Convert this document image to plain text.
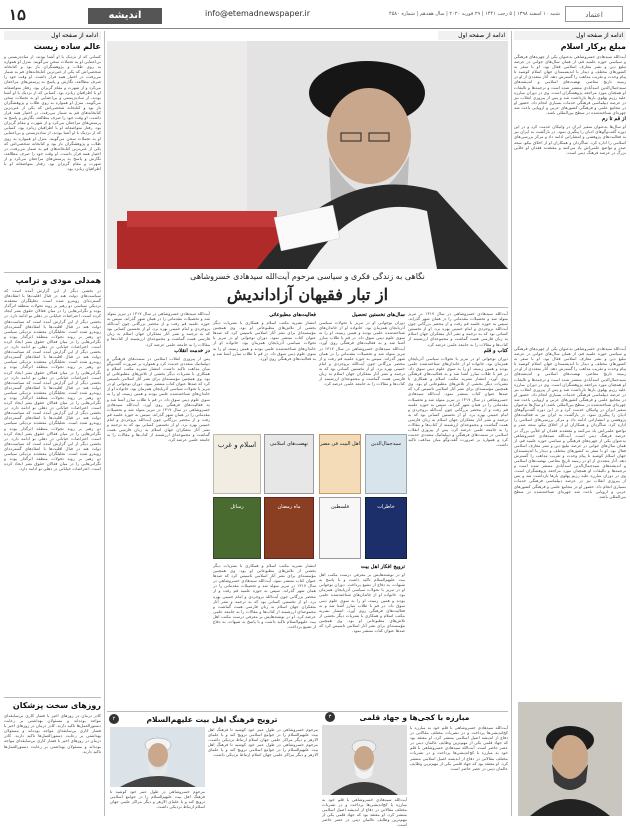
۱۵	اندیشه	info@etemadnewspaper.ir	شنبه ۱۰ اسفند ۱۳۹۸ | ۵ رجب ۱۴۴۱ | ۲۹ فوریه ۲۰۲۰ | سال هفدهم | شماره ۴۵۸۰	اعتماد
ادامه از صفحه اول
مبلغ پرکار اسلام
آیت‌الله سیدهادی خسروشاهی به‌عنوان یکی از چهره‌های فرهنگی و سیاسی حوزه علمیه قم، از همان سال‌های جوانی در عرصه تبلیغ دین و نشر معارف اسلامی فعال بود. او با سفر به کشورهای مختلف و دیدار با اندیشمندان جهان اسلام کوشید تا پیام وحدت و تقریب مذاهب را گسترش دهد. آثار متعددی از او در زمینه تاریخ معاصر، نهضت‌های اسلامی و اندیشه‌های سیدجمال‌الدین اسدآبادی منتشر شده است و ترجمه‌ها و تالیفات او همچنان مورد مراجعه پژوهشگران است. وی در دوران مبارزه علیه رژیم پهلوی بارها بازداشت شد و پس از پیروزی انقلاب نیز در عرصه دیپلماسی فرهنگی خدمات بسیاری انجام داد. حضور او در مجامع علمی و فرهنگی کشورهای عربی و اروپایی باعث شد چهره‌ای شناخته‌شده در سطح بین‌المللی باشد.
از قم تا رم
او سال‌ها به‌عنوان سفیر ایران در واتیکان خدمت کرد و در این دوره گفت‌وگوهای ادیان را پیگیری نمود. در بازگشت به ایران نیز به فعالیت‌های پژوهشی و انتشاراتی ادامه داد و مرکز بررسی‌های اسلامی را اداره کرد. شاگردان و همکاران او از اخلاق نیکو، سعه صدر و تواضع علمی‌اش یاد می‌کنند و معتقدند فقدان او خلأیی بزرگ در عرصه فرهنگ دینی است.
آیت‌الله سیدهادی خسروشاهی به‌عنوان یکی از چهره‌های فرهنگی و سیاسی حوزه علمیه قم، از همان سال‌های جوانی در عرصه تبلیغ دین و نشر معارف اسلامی فعال بود. او با سفر به کشورهای مختلف و دیدار با اندیشمندان جهان اسلام کوشید تا پیام وحدت و تقریب مذاهب را گسترش دهد. آثار متعددی از او در زمینه تاریخ معاصر، نهضت‌های اسلامی و اندیشه‌های سیدجمال‌الدین اسدآبادی منتشر شده است و ترجمه‌ها و تالیفات او همچنان مورد مراجعه پژوهشگران است. وی در دوران مبارزه علیه رژیم پهلوی بارها بازداشت شد و پس از پیروزی انقلاب نیز در عرصه دیپلماسی فرهنگی خدمات بسیاری انجام داد. حضور او در مجامع علمی و فرهنگی کشورهای عربی و اروپایی باعث شد چهره‌ای شناخته‌شده در سطح بین‌المللی باشد. او سال‌ها به‌عنوان سفیر ایران در واتیکان خدمت کرد و در این دوره گفت‌وگوهای ادیان را پیگیری نمود. در بازگشت به ایران نیز به فعالیت‌های پژوهشی و انتشاراتی ادامه داد و مرکز بررسی‌های اسلامی را اداره کرد. شاگردان و همکاران او از اخلاق نیکو، سعه صدر و تواضع علمی‌اش یاد می‌کنند و معتقدند فقدان او خلأیی بزرگ در عرصه فرهنگ دینی است. آیت‌الله سیدهادی خسروشاهی به‌عنوان یکی از چهره‌های فرهنگی و سیاسی حوزه علمیه قم، از همان سال‌های جوانی در عرصه تبلیغ دین و نشر معارف اسلامی فعال بود. او با سفر به کشورهای مختلف و دیدار با اندیشمندان جهان اسلام کوشید تا پیام وحدت و تقریب مذاهب را گسترش دهد. آثار متعددی از او در زمینه تاریخ معاصر، نهضت‌های اسلامی و اندیشه‌های سیدجمال‌الدین اسدآبادی منتشر شده است و ترجمه‌ها و تالیفات او همچنان مورد مراجعه پژوهشگران است. وی در دوران مبارزه علیه رژیم پهلوی بارها بازداشت شد و پس از پیروزی انقلاب نیز در عرصه دیپلماسی فرهنگی خدمات بسیاری انجام داد. حضور او در مجامع علمی و فرهنگی کشورهای عربی و اروپایی باعث شد چهره‌ای شناخته‌شده در سطح بین‌المللی باشد.
مبارزه با کجی‌ها و جهاد قلمی
۳
آیت‌الله سیدهادی خسروشاهی با قلم خود به مبارزه با کج‌اندیشی‌ها پرداخت و در نشریات مختلف مقالاتی در دفاع از اندیشه اصیل اسلامی منتشر کرد. او معتقد بود که جهاد قلمی یکی از مهم‌ترین وظایف عالمان دینی در عصر حاضر است. آیت‌الله سیدهادی خسروشاهی با قلم خود به مبارزه با کج‌اندیشی‌ها پرداخت و در نشریات مختلف مقالاتی در دفاع از اندیشه اصیل اسلامی منتشر کرد. او معتقد بود که جهاد قلمی یکی از مهم‌ترین وظایف عالمان دینی در عصر حاضر است.
آیت‌الله سیدهادی خسروشاهی با قلم خود به مبارزه با کج‌اندیشی‌ها پرداخت و در نشریات مختلف مقالاتی در دفاع از اندیشه اصیل اسلامی منتشر کرد. او معتقد بود که جهاد قلمی یکی از مهم‌ترین وظایف عالمان دینی در عصر حاضر است.
ادامه از صفحه اول
نگاهی به زندگی فکری و سیاسی مرحوم آیت‌الله سیدهادی خسروشاهی
از تبار فقیهان آزاداندیش
آیت‌الله سیدهادی خسروشاهی در سال ۱۳۱۷ در تبریز متولد شد و تحصیلات مقدماتی را در همان شهر گذراند. سپس به حوزه علمیه قم رفت و از محضر بزرگانی چون آیت‌الله بروجردی و امام خمینی بهره برد. او از نخستین کسانی بود که به ترجمه و نشر آثار متفکران جهان اسلام به زبان فارسی همت گماشت و مجموعه‌ای ارزشمند از کتاب‌ها و مقالات را به جامعه علمی عرضه کرد.
کتاب و قلم
دوران نوجوانی او در تبریز با تحولات سیاسی آذربایجان همزمان بود. خانواده او از خاندان‌های شناخته‌شده علمی بودند و همین زمینه، او را به سوی علوم دینی سوق داد. در قم با طلاب مبارز آشنا شد و به فعالیت‌های فرهنگی روی آورد. انتشار نشریه مکتب اسلام و همکاری با نشریات دیگر بخشی از تلاش‌های مطبوعاتی او بود. وی همچنین مؤسسه‌ای برای نشر آثار اسلامی تاسیس کرد که صدها عنوان کتاب منتشر نمود. آیت‌الله سیدهادی خسروشاهی در سال ۱۳۱۷ در تبریز متولد شد و تحصیلات مقدماتی را در همان شهر گذراند. سپس به حوزه علمیه قم رفت و از محضر بزرگانی چون آیت‌الله بروجردی و امام خمینی بهره برد. او از نخستین کسانی بود که به ترجمه و نشر آثار متفکران جهان اسلام به زبان فارسی همت گماشت و مجموعه‌ای ارزشمند از کتاب‌ها و مقالات را به جامعه علمی عرضه کرد. پس از پیروزی انقلاب اسلامی در سمت‌های فرهنگی و دیپلماتیک متعددی خدمت کرد و همواره بر ضرورت گفت‌وگو میان مذاهب تاکید داشت.
سال‌های نخستین تحصیل
دوران نوجوانی او در تبریز با تحولات سیاسی آذربایجان همزمان بود. خانواده او از خاندان‌های شناخته‌شده علمی بودند و همین زمینه، او را به سوی علوم دینی سوق داد. در قم با طلاب مبارز آشنا شد و به فعالیت‌های فرهنگی روی آورد. آیت‌الله سیدهادی خسروشاهی در سال ۱۳۱۷ در تبریز متولد شد و تحصیلات مقدماتی را در همان شهر گذراند. سپس به حوزه علمیه قم رفت و از محضر بزرگانی چون آیت‌الله بروجردی و امام خمینی بهره برد. او از نخستین کسانی بود که به ترجمه و نشر آثار متفکران جهان اسلام به زبان فارسی همت گماشت و مجموعه‌ای ارزشمند از کتاب‌ها و مقالات را به جامعه علمی عرضه کرد.
فعالیت‌های مطبوعاتی
انتشار نشریه مکتب اسلام و همکاری با نشریات دیگر بخشی از تلاش‌های مطبوعاتی او بود. وی همچنین مؤسسه‌ای برای نشر آثار اسلامی تاسیس کرد که صدها عنوان کتاب منتشر نمود. دوران نوجوانی او در تبریز با تحولات سیاسی آذربایجان همزمان بود. خانواده او از خاندان‌های شناخته‌شده علمی بودند و همین زمینه، او را به سوی علوم دینی سوق داد. در قم با طلاب مبارز آشنا شد و به فعالیت‌های فرهنگی روی آورد.
آیت‌الله سیدهادی خسروشاهی در سال ۱۳۱۷ در تبریز متولد شد و تحصیلات مقدماتی را در همان شهر گذراند. سپس به حوزه علمیه قم رفت و از محضر بزرگانی چون آیت‌الله بروجردی و امام خمینی بهره برد. او از نخستین کسانی بود که به ترجمه و نشر آثار متفکران جهان اسلام به زبان فارسی همت گماشت و مجموعه‌ای ارزشمند از کتاب‌ها و مقالات را به جامعه علمی عرضه کرد.
در خدمت انقلاب
پس از پیروزی انقلاب اسلامی در سمت‌های فرهنگی و دیپلماتیک متعددی خدمت کرد و همواره بر ضرورت گفت‌وگو میان مذاهب تاکید داشت. انتشار نشریه مکتب اسلام و همکاری با نشریات دیگر بخشی از تلاش‌های مطبوعاتی او بود. وی همچنین مؤسسه‌ای برای نشر آثار اسلامی تاسیس کرد که صدها عنوان کتاب منتشر نمود. دوران نوجوانی او در تبریز با تحولات سیاسی آذربایجان همزمان بود. خانواده او از خاندان‌های شناخته‌شده علمی بودند و همین زمینه، او را به سوی علوم دینی سوق داد. در قم با طلاب مبارز آشنا شد و به فعالیت‌های فرهنگی روی آورد. آیت‌الله سیدهادی خسروشاهی در سال ۱۳۱۷ در تبریز متولد شد و تحصیلات مقدماتی را در همان شهر گذراند. سپس به حوزه علمیه قم رفت و از محضر بزرگانی چون آیت‌الله بروجردی و امام خمینی بهره برد. او از نخستین کسانی بود که به ترجمه و نشر آثار متفکران جهان اسلام به زبان فارسی همت گماشت و مجموعه‌ای ارزشمند از کتاب‌ها و مقالات را به جامعه علمی عرضه کرد.
سیدجمال‌الدین
اهل البیت فی مصر
نهضت‌های اسلامی
اسلام و غرب
خاطرات
فلسطین
ماه رمضان
رسائل
ترویج افکار اهل بیت
او در نوشته‌هایش بر معرفی درست مکتب اهل بیت علیهم‌السلام تاکید داشت و با پاسخ به شبهات، به دفاع از تشیع پرداخت. دوران نوجوانی او در تبریز با تحولات سیاسی آذربایجان همزمان بود. خانواده او از خاندان‌های شناخته‌شده علمی بودند و همین زمینه، او را به سوی علوم دینی سوق داد. در قم با طلاب مبارز آشنا شد و به فعالیت‌های فرهنگی روی آورد. انتشار نشریه مکتب اسلام و همکاری با نشریات دیگر بخشی از تلاش‌های مطبوعاتی او بود. وی همچنین مؤسسه‌ای برای نشر آثار اسلامی تاسیس کرد که صدها عنوان کتاب منتشر نمود.
انتشار نشریه مکتب اسلام و همکاری با نشریات دیگر بخشی از تلاش‌های مطبوعاتی او بود. وی همچنین مؤسسه‌ای برای نشر آثار اسلامی تاسیس کرد که صدها عنوان کتاب منتشر نمود. آیت‌الله سیدهادی خسروشاهی در سال ۱۳۱۷ در تبریز متولد شد و تحصیلات مقدماتی را در همان شهر گذراند. سپس به حوزه علمیه قم رفت و از محضر بزرگانی چون آیت‌الله بروجردی و امام خمینی بهره برد. او از نخستین کسانی بود که به ترجمه و نشر آثار متفکران جهان اسلام به زبان فارسی همت گماشت و مجموعه‌ای ارزشمند از کتاب‌ها و مقالات را به جامعه علمی عرضه کرد. او در نوشته‌هایش بر معرفی درست مکتب اهل بیت علیهم‌السلام تاکید داشت و با پاسخ به شبهات، به دفاع از تشیع پرداخت.
ترویج فرهنگ اهل بیت علیهم‌السلام
۲
مرحوم خسروشاهی در طول عمر خود کوشید تا فرهنگ اهل بیت علیهم‌السلام را در جوامع اسلامی ترویج کند و با علمای الازهر و دیگر مراکز علمی جهان اسلام ارتباط نزدیکی داشت. مرحوم خسروشاهی در طول عمر خود کوشید تا فرهنگ اهل بیت علیهم‌السلام را در جوامع اسلامی ترویج کند و با علمای الازهر و دیگر مراکز علمی جهان اسلام ارتباط نزدیکی داشت.
مرحوم خسروشاهی در طول عمر خود کوشید تا فرهنگ اهل بیت علیهم‌السلام را در جوامع اسلامی ترویج کند و با علمای الازهر و دیگر مراکز علمی جهان اسلام ارتباط نزدیکی داشت.
ادامه از صفحه اول
عالم ساده زیست
کسانی که از نزدیک با او آشنا بودند، از ساده‌زیستی و بی‌اعتنایی او به تجملات سخن می‌گویند. منزل او همواره به روی طلاب و پژوهشگران باز بود و کتابخانه شخصی‌اش که یکی از غنی‌ترین کتابخانه‌های قم به شمار می‌رفت، در اختیار همه قرار داشت. او وقت خود را صرف مطالعه، نگارش و پاسخ به پرسش‌های مراجعان می‌کرد و از شهرت و مقام گریزان بود. رفتار متواضعانه او با اطرافیان زبانزد بود. کسانی که از نزدیک با او آشنا بودند، از ساده‌زیستی و بی‌اعتنایی او به تجملات سخن می‌گویند. منزل او همواره به روی طلاب و پژوهشگران باز بود و کتابخانه شخصی‌اش که یکی از غنی‌ترین کتابخانه‌های قم به شمار می‌رفت، در اختیار همه قرار داشت. او وقت خود را صرف مطالعه، نگارش و پاسخ به پرسش‌های مراجعان می‌کرد و از شهرت و مقام گریزان بود. رفتار متواضعانه او با اطرافیان زبانزد بود. کسانی که از نزدیک با او آشنا بودند، از ساده‌زیستی و بی‌اعتنایی او به تجملات سخن می‌گویند. منزل او همواره به روی طلاب و پژوهشگران باز بود و کتابخانه شخصی‌اش که یکی از غنی‌ترین کتابخانه‌های قم به شمار می‌رفت، در اختیار همه قرار داشت. او وقت خود را صرف مطالعه، نگارش و پاسخ به پرسش‌های مراجعان می‌کرد و از شهرت و مقام گریزان بود. رفتار متواضعانه او با اطرافیان زبانزد بود.
همدلی مودی و ترامپ
در بخشی دیگر از این گزارش آمده است که سیاست‌های دولت هند در قبال اقلیت‌ها با انتقادهای گسترده‌ای روبه‌رو شده است. تحلیلگران معتقدند نزدیکی سیاسی دو رهبر بر روند تحولات منطقه اثرگذار بوده و نگرانی‌هایی را در میان فعالان حقوق بشر ایجاد کرده است. اعتراضات خیابانی در دهلی نو ادامه دارد. در بخشی دیگر از این گزارش آمده است که سیاست‌های دولت هند در قبال اقلیت‌ها با انتقادهای گسترده‌ای روبه‌رو شده است. تحلیلگران معتقدند نزدیکی سیاسی دو رهبر بر روند تحولات منطقه اثرگذار بوده و نگرانی‌هایی را در میان فعالان حقوق بشر ایجاد کرده است. اعتراضات خیابانی در دهلی نو ادامه دارد. در بخشی دیگر از این گزارش آمده است که سیاست‌های دولت هند در قبال اقلیت‌ها با انتقادهای گسترده‌ای روبه‌رو شده است. تحلیلگران معتقدند نزدیکی سیاسی دو رهبر بر روند تحولات منطقه اثرگذار بوده و نگرانی‌هایی را در میان فعالان حقوق بشر ایجاد کرده است. اعتراضات خیابانی در دهلی نو ادامه دارد. در بخشی دیگر از این گزارش آمده است که سیاست‌های دولت هند در قبال اقلیت‌ها با انتقادهای گسترده‌ای روبه‌رو شده است. تحلیلگران معتقدند نزدیکی سیاسی دو رهبر بر روند تحولات منطقه اثرگذار بوده و نگرانی‌هایی را در میان فعالان حقوق بشر ایجاد کرده است. اعتراضات خیابانی در دهلی نو ادامه دارد. در بخشی دیگر از این گزارش آمده است که سیاست‌های دولت هند در قبال اقلیت‌ها با انتقادهای گسترده‌ای روبه‌رو شده است. تحلیلگران معتقدند نزدیکی سیاسی دو رهبر بر روند تحولات منطقه اثرگذار بوده و نگرانی‌هایی را در میان فعالان حقوق بشر ایجاد کرده است. اعتراضات خیابانی در دهلی نو ادامه دارد. در بخشی دیگر از این گزارش آمده است که سیاست‌های دولت هند در قبال اقلیت‌ها با انتقادهای گسترده‌ای روبه‌رو شده است. تحلیلگران معتقدند نزدیکی سیاسی دو رهبر بر روند تحولات منطقه اثرگذار بوده و نگرانی‌هایی را در میان فعالان حقوق بشر ایجاد کرده است. اعتراضات خیابانی در دهلی نو ادامه دارد.
روزهای سخت پزشکان
کادر درمان در روزهای اخیر با فشار کاری بی‌سابقه‌ای مواجه بوده‌اند و مسئولان بهداشتی بر رعایت دستورالعمل‌ها تاکید دارند. کادر درمان در روزهای اخیر با فشار کاری بی‌سابقه‌ای مواجه بوده‌اند و مسئولان بهداشتی بر رعایت دستورالعمل‌ها تاکید دارند. کادر درمان در روزهای اخیر با فشار کاری بی‌سابقه‌ای مواجه بوده‌اند و مسئولان بهداشتی بر رعایت دستورالعمل‌ها تاکید دارند.
